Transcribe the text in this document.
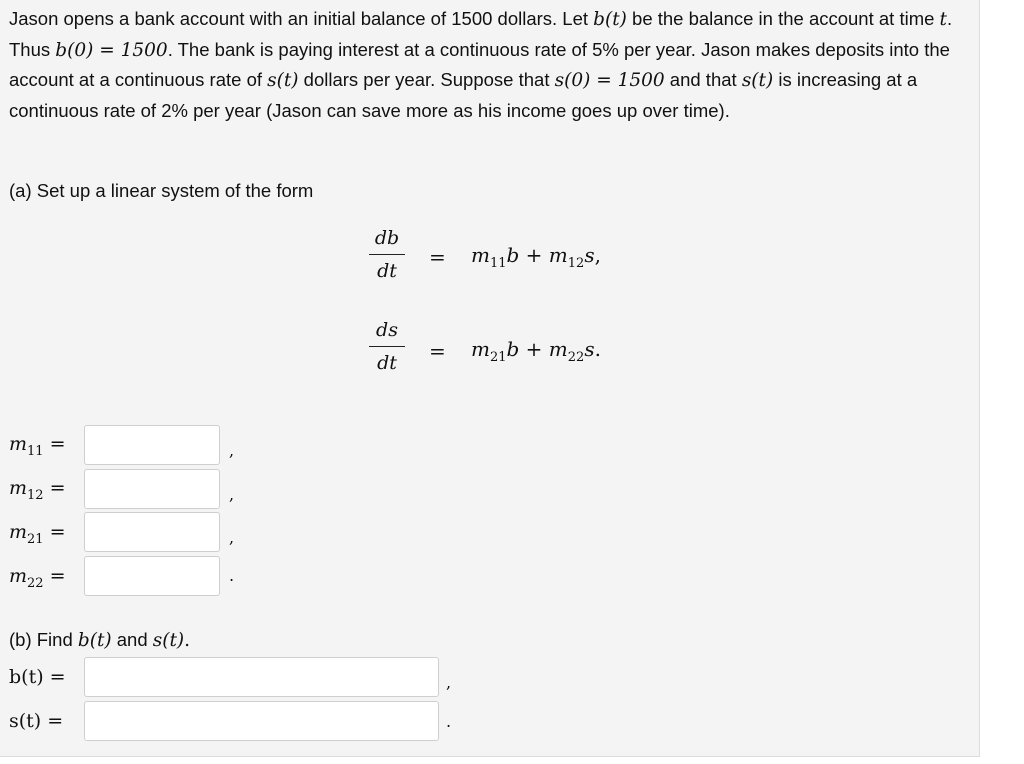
Jason opens a bank account with an initial balance of 1500 dollars. Let b(t) be the balance in the account at time t. Thus b(0) = 1500. The bank is paying interest at a continuous rate of 5% per year. Jason makes deposits into the account at a continuous rate of s(t) dollars per year. Suppose that s(0) = 1500 and that s(t) is increasing at a continuous rate of 2% per year (Jason can save more as his income goes up over time).
(a) Set up a linear system of the form
db
dt
= $m_{11}b + m_{12}s$,
ds
dt	= $m_{21}b + m_{22}s$.
$m_{11}$ =	,
$m_{12}$ =	,
$m_{21}$ =	,
$m_{22}$ =	.
(b) Find b(t) and s(t).
b(t) =	,
s(t) =	.
